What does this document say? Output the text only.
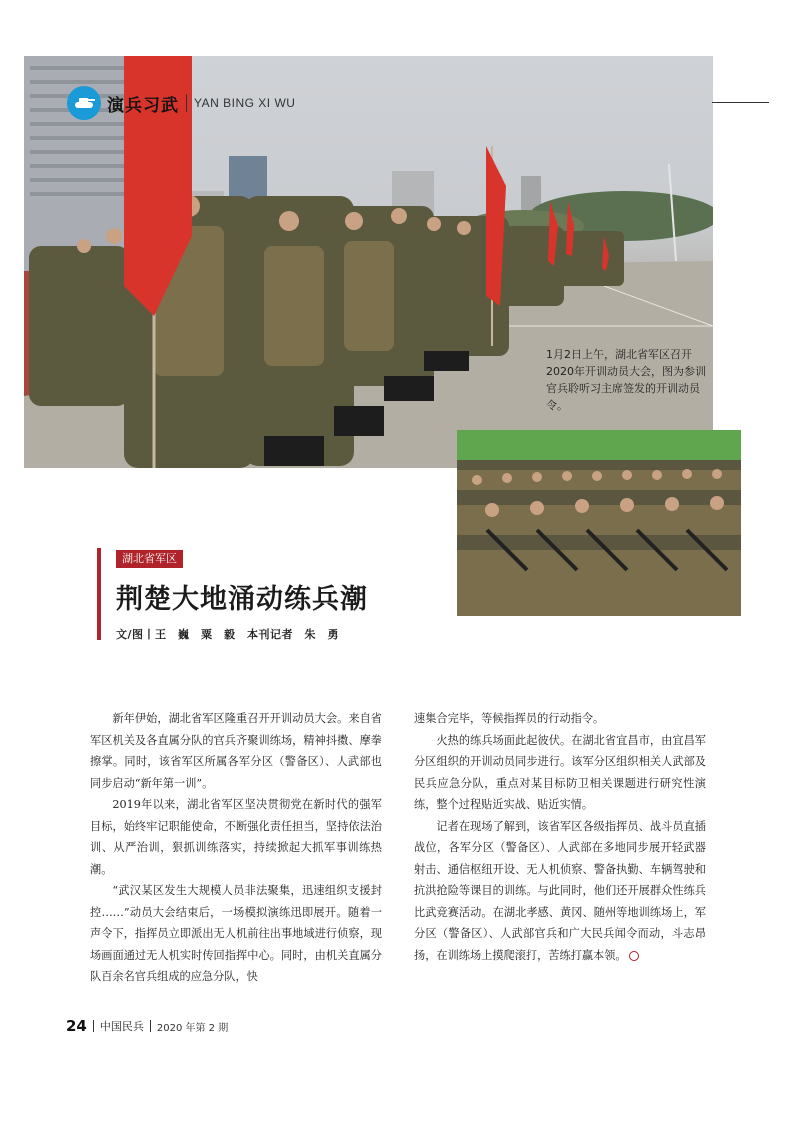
演兵习武 YAN BING XI WU
1月2日上午，湖北省军区召开2020年开训动员大会，图为参训官兵聆听习主席签发的开训动员令。
湖北省军区
荆楚大地涌动练兵潮
文/图丨王　巍　粟　毅　本刊记者　朱　勇

新年伊始，湖北省军区隆重召开开训动员大会。来自省军区机关及各直属分队的官兵齐聚训练场，精神抖擞、摩拳擦掌。同时，该省军区所属各军分区（警备区）、人武部也同步启动“新年第一训”。

2019年以来，湖北省军区坚决贯彻党在新时代的强军目标，始终牢记职能使命，不断强化责任担当，坚持依法治训、从严治训，狠抓训练落实，持续掀起大抓军事训练热潮。

“武汉某区发生大规模人员非法聚集，迅速组织支援封控……”动员大会结束后，一场模拟演练迅即展开。随着一声令下，指挥员立即派出无人机前往出事地域进行侦察，现场画面通过无人机实时传回指挥中心。同时，由机关直属分队百余名官兵组成的应急分队，快

速集合完毕，等候指挥员的行动指令。

火热的练兵场面此起彼伏。在湖北省宜昌市，由宜昌军分区组织的开训动员同步进行。该军分区组织相关人武部及民兵应急分队，重点对某目标防卫相关课题进行研究性演练，整个过程贴近实战、贴近实情。

记者在现场了解到，该省军区各级指挥员、战斗员直插战位，各军分区（警备区）、人武部在多地同步展开轻武器射击、通信枢纽开设、无人机侦察、警备执勤、车辆驾驶和抗洪抢险等课目的训练。与此同时，他们还开展群众性练兵比武竞赛活动。在湖北孝感、黄冈、随州等地训练场上，军分区（警备区）、人武部官兵和广大民兵闻令而动，斗志昂扬，在训练场上摸爬滚打，苦练打赢本领。

24 中国民兵 2020 年第 2 期
